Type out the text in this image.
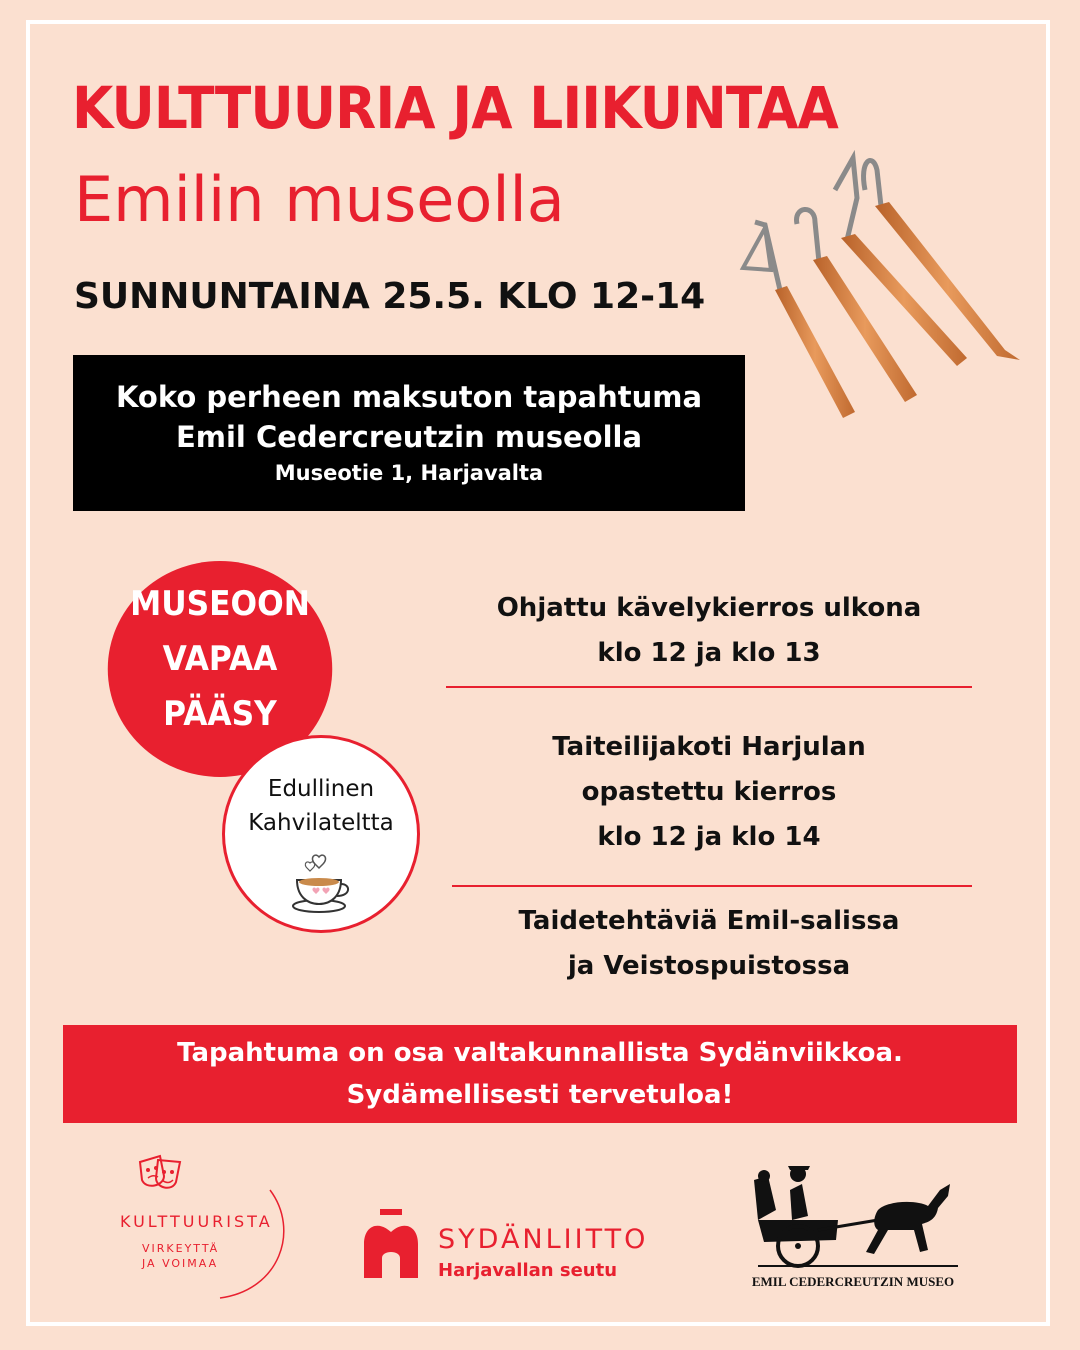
KULTTUURIA JA LIIKUNTAA
Emilin museolla
SUNNUNTAINA 25.5. KLO 12-14
Koko perheen maksuton tapahtuma
Emil Cedercreutzin museolla
Museotie 1, Harjavalta
MUSEOON
VAPAA
PÄÄSY
Edullinen
Kahvilateltta
Ohjattu kävelykierros ulkona
klo 12 ja klo 13
Taiteilijakoti Harjulan
opastettu kierros
klo 12 ja klo 14
Taidetehtäviä Emil-salissa
ja Veistospuistossa
Tapahtuma on osa valtakunnallista Sydänviikkoa.
Sydämellisesti tervetuloa!
KULTTUURISTA
VIRKEYTTÄ
JA VOIMAA
SYDÄNLIITTO
Harjavallan seutu
EMIL CEDERCREUTZIN MUSEO
